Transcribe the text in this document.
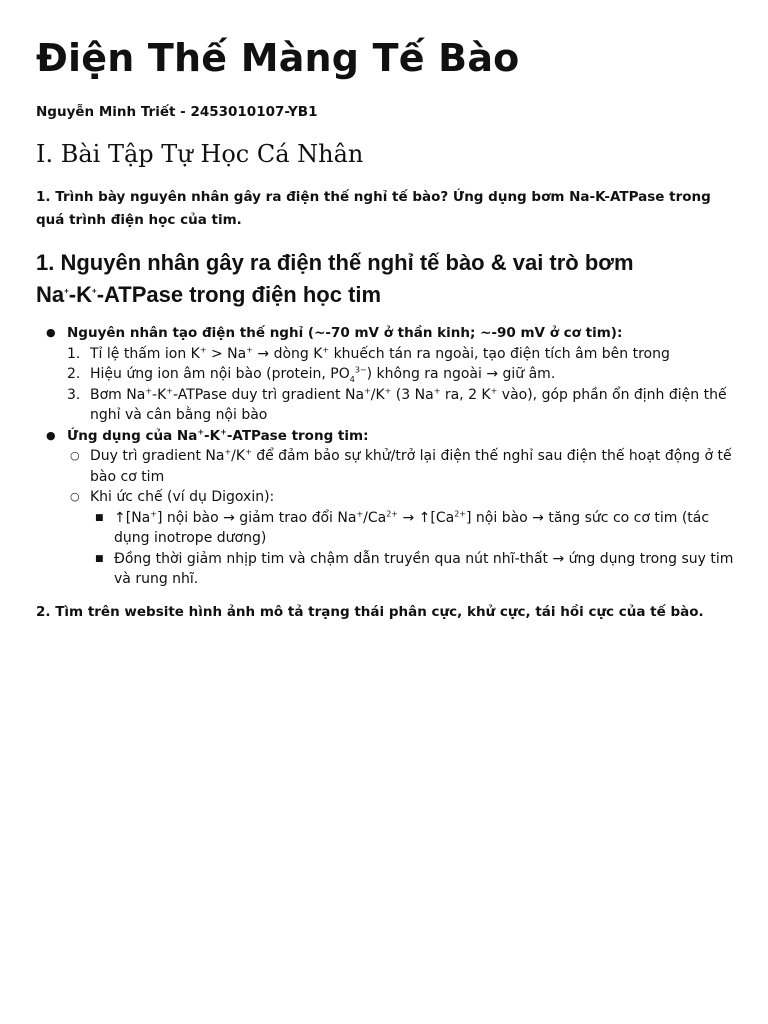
Điện Thế Màng Tế Bào

Nguyễn Minh Triết - 2453010107-YB1

I. Bài Tập Tự Học Cá Nhân

1. Trình bày nguyên nhân gây ra điện thế nghỉ tế bào? Ứng dụng bơm Na-K-ATPase trong quá trình điện học của tim.

1. Nguyên nhân gây ra điện thế nghỉ tế bào & vai trò bơm
Na+-K+-ATPase trong điện học tim
● Nguyên nhân tạo điện thế nghỉ (~-70 mV ở thần kinh; ~-90 mV ở cơ tim):
1. Tỉ lệ thấm ion K+ > Na+ → dòng K+ khuếch tán ra ngoài, tạo điện tích âm bên trong
2. Hiệu ứng ion âm nội bào (protein, $PO_4^{3-}$) không ra ngoài → giữ âm.
3. Bơm Na+-K+-ATPase duy trì gradient Na+/K+ (3 Na+ ra, 2 K+ vào), góp phần ổn định điện thế nghỉ và cân bằng nội bào
● Ứng dụng của Na+-K+-ATPase trong tim:
○ Duy trì gradient Na+/K+ để đảm bảo sự khử/trở lại điện thế nghỉ sau điện thế hoạt động ở tế bào cơ tim
○ Khi ức chế (ví dụ Digoxin):
■ ↑[Na+] nội bào → giảm trao đổi $Na^+/Ca^{2+}$ → $↑[Ca^{2+}]$ nội bào → tăng sức co cơ tim (tác dụng inotrope dương)
■ Đồng thời giảm nhịp tim và chậm dẫn truyền qua nút nhĩ-thất → ứng dụng trong suy tim và rung nhĩ.

2. Tìm trên website hình ảnh mô tả trạng thái phân cực, khử cực, tái hồi cực của tế bào.
